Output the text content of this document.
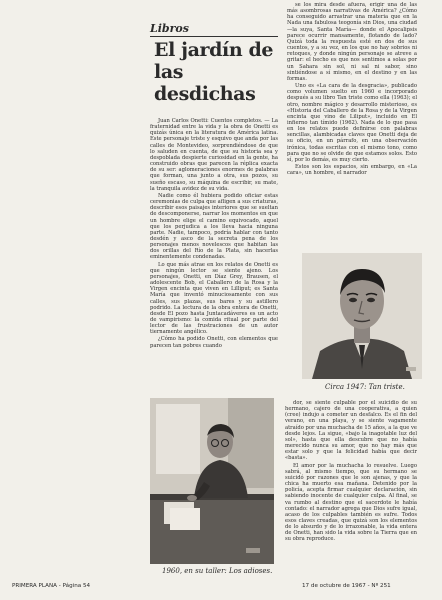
Libros
El jardín de las desdichas

Juan Carlos Onetti: Cuentos completos. — La fraternidad entre la vida y la obra de Onetti es quizás única en la literatura de América latina. Este personaje triste y esquivo que anda por las calles de Montevideo, sorprendiéndose de que lo saluden en cuenta, de que su historia sea y despoblada despierte curiosidad en la gente, ha construido obras que parecen la réplica exacta de su ser: aglomeraciones enormes de palabras que forman, una junto a otra, sus pozos, su sueño escaso, su máquina de escribir, su mate, la tranquila avidez de su vida.

Nadie como él hubiera podido oficiar estas ceremonias de culpa que afligen a sus criaturas, describir esos paisajes interiores que se sueltan de descomponerse, narrar los momentos en que un hombre elige el camino equivocado, aquel que los perjudica a los lleva hacia ninguna parte. Nadie, tampoco, podría hablar con tanto desdén y asco de la secreta pena de los personajes menos novelescos que habitan las dos orillas del Río de la Plata, sin hacerlas eminentemente condenadas.

Lo que más atrae en los relatos de Onetti es que ningún lector se siente ajeno. Los personajes, Onetti, en Díaz Grey, Brausen, el adolescente Bob, el Caballero de la Rosa y la Virgen encinta que viven en Lilliput; es Santa María que inventó minuciosamente con sus calles, sus plazas, sus bares y su astillero podrido. La lectura de la obra entera de Onetti, desde El pozo hasta Juntacadáveres es un acto de vampirismo: la comida ritual por parte del lector de las frustraciones de un autor tiernamente angélico.

¿Cómo ha podido Onetti, con elementos que parecen tan pobres cuando

se los mira desde afuera, erigir una de las más asombrosas narrativas de América? ¿Cómo ha conseguido arrastrar una materia que en la Nada una fabulosa teogonía sin Dios, una ciudad —la suya, Santa María— donde el Apocalipsis parece ocurrir mansamente, flotando de lado? Quizá toda la respuesta esté en dos de sus cuentos, y a su vez, en los que no hay sobrios ni retoques, y donde ningún personaje se atreve a gritar: el hecho es que nos sentimos a solas por un Sahara sin sol, ni sal ni sabor, sino sintiéndose a sí mismo, en el destino y en las formas.

Uno es «La cara de la desgracia», publicado como volumen suelto en 1960 e incorporado después a su libro Tan triste como ella (1963); el otro, nombre mágico y desarrollo misterioso, es «Historia del Caballero de la Rosa y de la Virgen encinta que vino de Liliput», incluido en El infierno tan tímido (1962). Nada de lo que pasa en los relatos puede definirse con palabras sencillas, alambicadas claves que Onetti deja de su oficio, en un párrafo, en una observación irónica, todas escritas con el mismo tono, como para que no se olvide de que estamos solos. Esto sí, por lo demás, es muy cierto.

Estos son los espacios, sin embargo, en «La cara», un hombre, el narrador

Circa 1947: Tan triste.
1960, en su taller: Los adioses.

dor, se siente culpable por el suicidio de su hermano, cajero de una cooperativa, a quien (cree) indujo a cometer un desfalco. Es el fin del verano, en una playa, y se siente vagamente atraído por una muchacha de 15 años, a la que ve desde lejos. La sigue, «bajo la inagotable luz del sol», hasta que ella descubre que no había merecido nunca su amor, que no hay más que estar solo y que la felicidad había que decir «basta».

El amor por la muchacha lo resuelve. Luego sabrá, al mismo tiempo, que su hermano se suicidó por razones que le son ajenas, y que la chica ha muerto esa mañana. Detenido por la policía, acepta firmar cualquier declaración, sin sabiendo inocente de cualquier culpa. Al final, se va rumbo al destino que el sacerdote le había contado: el narrador agrega que Dios sufre igual, acaso de los culpables también es sufre. Todos esos claves creadas, que quizá son los elementos de lo absurdo y de lo irrazonable, la vida entera de Onetti, han sido la vida sobre la Tierra que en su obra reproduce.

PRIMERA PLANA - Página 54	17 de octubre de 1967 - Nº 251
